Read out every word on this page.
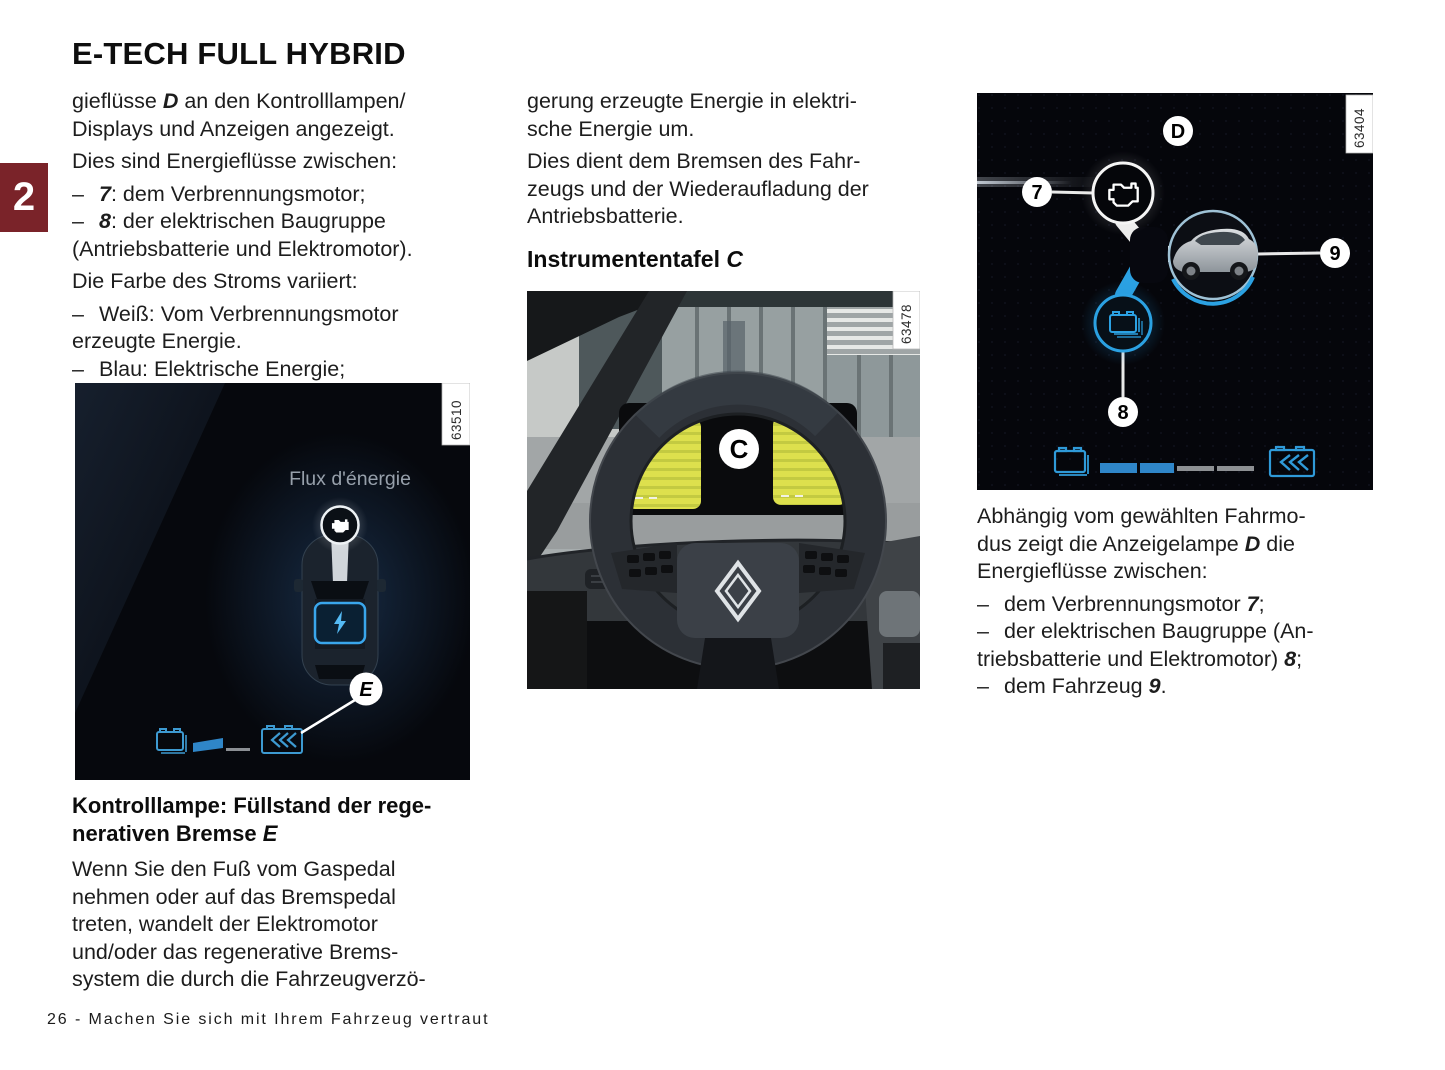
E-TECH FULL HYBRID
2
gieflüsse D an den Kontrolllampen/
Displays und Anzeigen angezeigt.
Dies sind Energieflüsse zwischen:
– 7: dem Verbrennungsmotor;
– 8: der elektrischen Baugruppe
(Antriebsbatterie und Elektromotor).
Die Farbe des Stroms variiert:
– Weiß: Vom Verbrennungsmotor
erzeugte Energie.
– Blau: Elektrische Energie;
gerung erzeugte Energie in elektri-
sche Energie um.
Dies dient dem Bremsen des Fahr-
zeugs und der Wiederaufladung der
Antriebsbatterie.
Instrumententafel C
Abhängig vom gewählten Fahrmo-
dus zeigt die Anzeigelampe D die
Energieflüsse zwischen:
– dem Verbrennungsmotor 7;
– der elektrischen Baugruppe (An-
triebsbatterie und Elektromotor) 8;
– dem Fahrzeug 9.
Kontrolllampe: Füllstand der rege-
nerativen Bremse E
Wenn Sie den Fuß vom Gaspedal
nehmen oder auf das Bremspedal
treten, wandelt der Elektromotor
und/oder das regenerative Brems-
system die durch die Fahrzeugverzö-
Flux d'énergie
E
63510
C
63478
D
7
9
8
63404
26 - Machen Sie sich mit Ihrem Fahrzeug vertraut
